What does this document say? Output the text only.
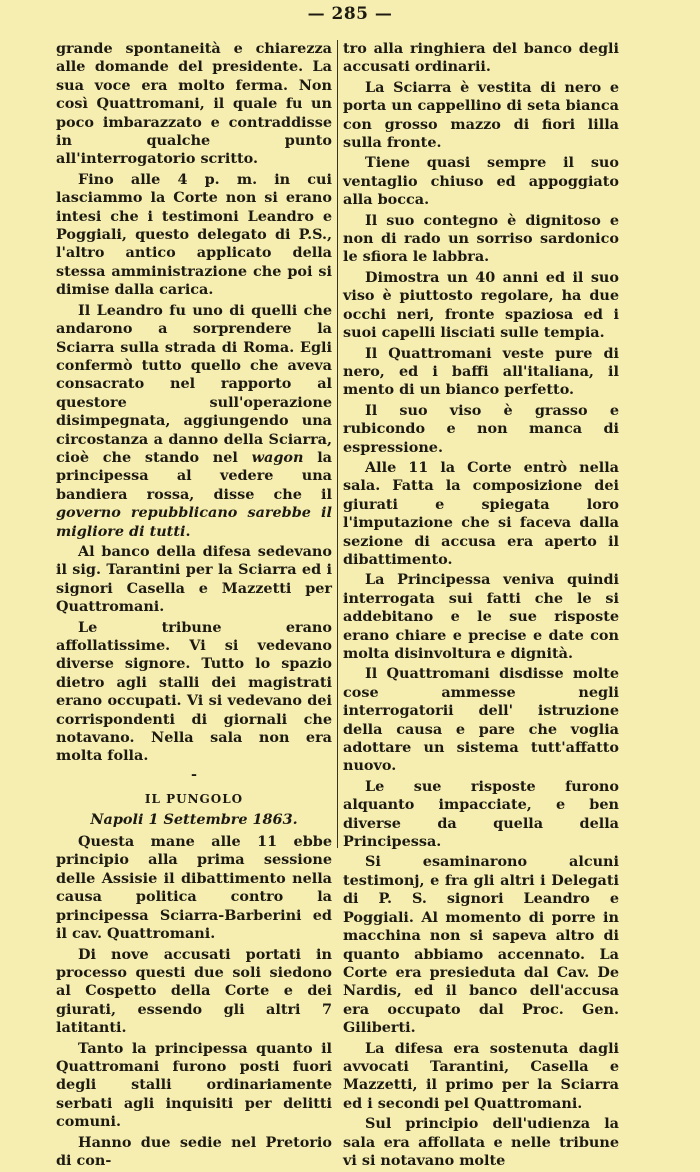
— 285 —

grande spontaneità e chiarezza alle domande del presidente. La sua voce era molto ferma. Non così Quattromani, il quale fu un poco imbarazzato e contraddisse in qualche punto all'interrogatorio scritto.

Fino alle 4 p. m. in cui lasciammo la Corte non si erano intesi che i testimoni Leandro e Poggiali, questo delegato di P.S., l'altro antico applicato della stessa amministrazione che poi si dimise dalla carica.

Il Leandro fu uno di quelli che andarono a sorprendere la Sciarra sulla strada di Roma. Egli confermò tutto quello che aveva consacrato nel rapporto al questore sull'operazione disimpegnata, aggiungendo una circostanza a danno della Sciarra, cioè che stando nel wagon la principessa al vedere una bandiera rossa, disse che il governo repubblicano sarebbe il migliore di tutti.

Al banco della difesa sedevano il sig. Tarantini per la Sciarra ed i signori Casella e Mazzetti per Quattromani.

Le tribune erano affollatissime. Vi si vedevano diverse signore. Tutto lo spazio dietro agli stalli dei magistrati erano occupati. Vi si vedevano dei corrispondenti di giornali che notavano. Nella sala non era molta folla.

-
IL PUNGOLO
Napoli 1 Settembre 1863.

Questa mane alle 11 ebbe principio alla prima sessione delle Assisie il dibattimento nella causa politica contro la principessa Sciarra-Barberini ed il cav. Quattromani.

Di nove accusati portati in processo questi due soli siedono al Cospetto della Corte e dei giurati, essendo gli altri 7 latitanti.

Tanto la principessa quanto il Quattromani furono posti fuori degli stalli ordinariamente serbati agli inquisiti per delitti comuni.

Hanno due sedie nel Pretorio di con-

tro alla ringhiera del banco degli accusati ordinarii.

La Sciarra è vestita di nero e porta un cappellino di seta bianca con grosso mazzo di fiori lilla sulla fronte.

Tiene quasi sempre il suo ventaglio chiuso ed appoggiato alla bocca.

Il suo contegno è dignitoso e non di rado un sorriso sardonico le sfiora le labbra.

Dimostra un 40 anni ed il suo viso è piuttosto regolare, ha due occhi neri, fronte spaziosa ed i suoi capelli lisciati sulle tempia.

Il Quattromani veste pure di nero, ed i baffi all'italiana, il mento di un bianco perfetto.

Il suo viso è grasso e rubicondo e non manca di espressione.

Alle 11 la Corte entrò nella sala. Fatta la composizione dei giurati e spiegata loro l'imputazione che si faceva dalla sezione di accusa era aperto il dibattimento.

La Principessa veniva quindi interrogata sui fatti che le si addebitano e le sue risposte erano chiare e precise e date con molta disinvoltura e dignità.

Il Quattromani disdisse molte cose ammesse negli interrogatorii dell' istruzione della causa e pare che voglia adottare un sistema tutt'affatto nuovo.

Le sue risposte furono alquanto impacciate, e ben diverse da quella della Principessa.

Si esaminarono alcuni testimonj, e fra gli altri i Delegati di P. S. signori Leandro e Poggiali. Al momento di porre in macchina non si sapeva altro di quanto abbiamo accennato. La Corte era presieduta dal Cav. De Nardis, ed il banco dell'accusa era occupato dal Proc. Gen. Giliberti.

La difesa era sostenuta dagli avvocati Tarantini, Casella e Mazzetti, il primo per la Sciarra ed i secondi pel Quattromani.

Sul principio dell'udienza la sala era affollata e nelle tribune vi si notavano molte
